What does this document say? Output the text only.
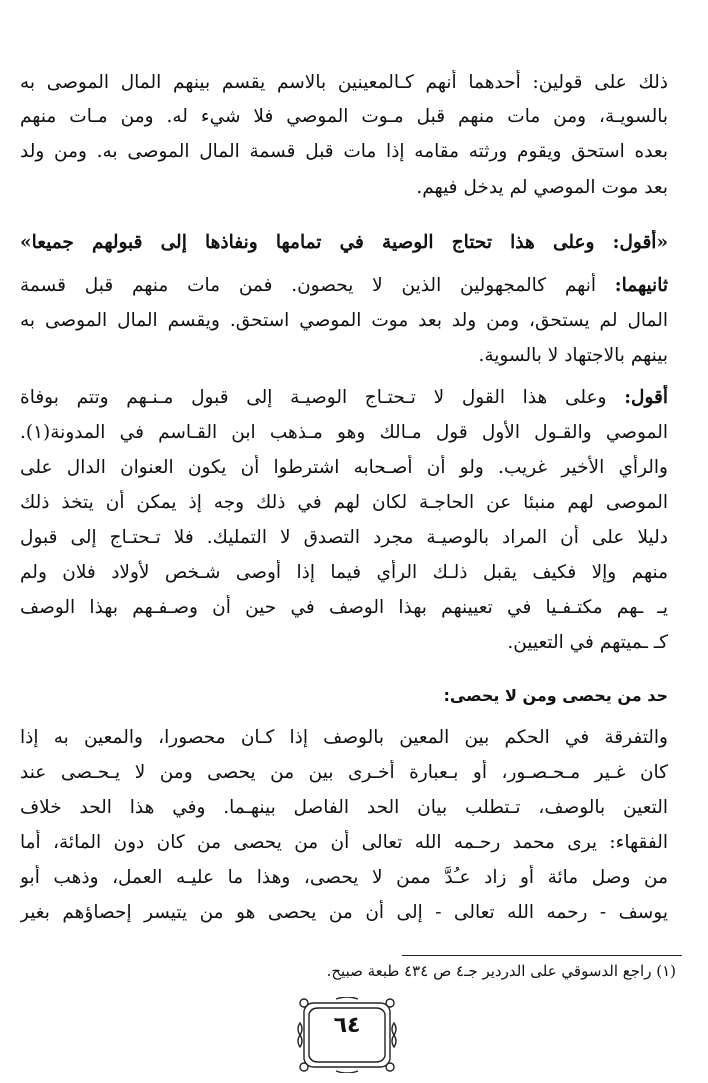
ذلك على قولين: أحدهما أنهم كـالمعينين بالاسم يقسم بينهم المال الموصى به
بالسويـة، ومن مات منهم قبل مـوت الموصي فلا شيء له. ومن مـات منهم
بعده استحق ويقوم ورثته مقامه إذا مات قبل قسمة المال الموصى به. ومن ولد
بعد موت الموصي لم يدخل فيهم.
«أقول: وعلى هذا تحتاج الوصية في تمامها ونفاذها إلى قبولهم جميعا»
ثانيهما: أنهم كالمجهولين الذين لا يحصون. فمن مات منهم قبل قسمة
المال لم يستحق، ومن ولد بعد موت الموصي استحق. ويقسم المال الموصى به
بينهم بالاجتهاد لا بالسوية.
أقول: وعلى هذا القول لا تـحتـاج الوصيـة إلى قبول مـنـهم وتتم بوفاة
الموصي والقـول الأول قول مـالك وهو مـذهب ابن القـاسم في المدونة(١).
والرأي الأخير غريب. ولو أن أصـحابه اشترطوا أن يكون العنوان الدال على
الموصى لهم منبئا عن الحاجـة لكان لهم في ذلك وجه إذ يمكن أن يتخذ ذلك
دليلا على أن المراد بالوصيـة مجرد التصدق لا التمليك. فلا تـحتـاج إلى قبول
منهم وإلا فكيف يقبل ذلـك الرأي فيما إذا أوصى شـخص لأولاد فلان ولم
يـ ـهم مكتـفـيا في تعيينهم بهذا الوصف في حين أن وصـفـهم بهذا الوصف
كـ ـميتهم في التعيين.
حد من يحصى ومن لا يحصى:
والتفرقة في الحكم بين المعين بالوصف إذا كـان محصورا، والمعين به إذا
كان غـير مـحـصـور، أو بـعبارة أخـرى بين من يحصى ومن لا يـحـصى عند
التعين بالوصف، تـتطلب بيان الحد الفاصل بينهـما. وفي هذا الحد خلاف
الفقهاء: يرى محمد رحـمه الله تعالى أن من يحصى من كان دون المائة، أما
من وصل مائة أو زاد عـُدَّ ممن لا يحصى، وهذا ما عليـه العمل، وذهب أبو
يوسف - رحمه الله تعالى - إلى أن من يحصى هو من يتيسر إحصاؤهم بغير
(١) راجع الدسوقي على الدردير جـ٤ ص ٤٣٤ طبعة صبيح.
٦٤
